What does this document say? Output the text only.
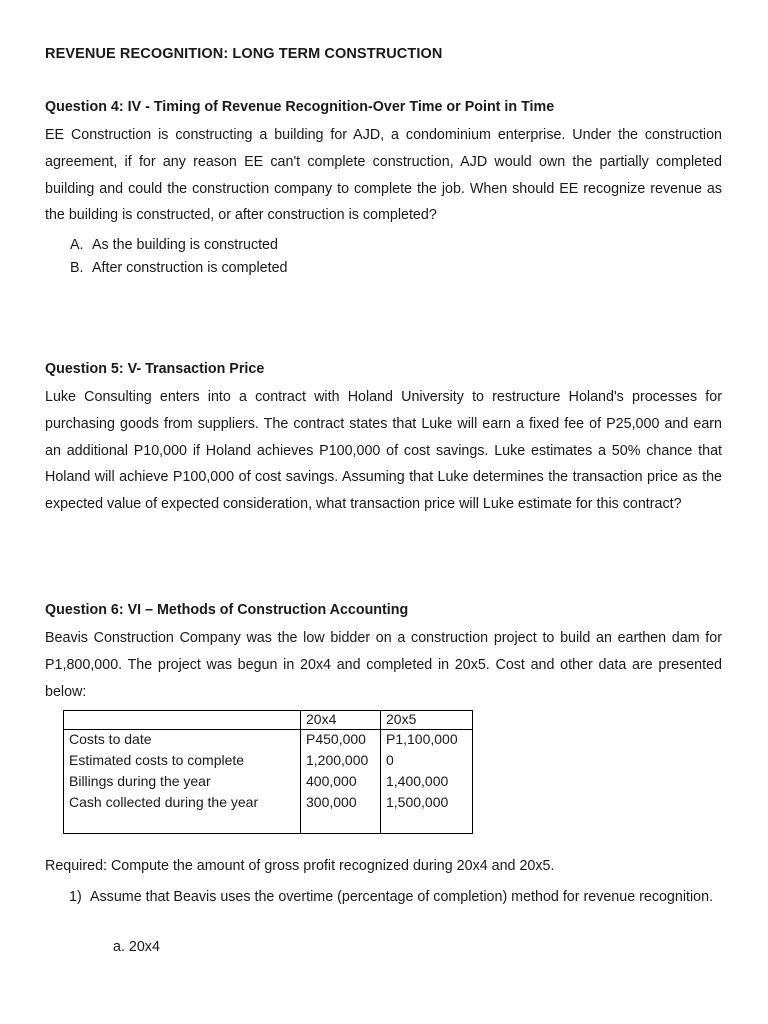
REVENUE RECOGNITION: LONG TERM CONSTRUCTION
Question 4: IV - Timing of Revenue Recognition-Over Time or Point in Time
EE Construction is constructing a building for AJD, a condominium enterprise. Under the construction agreement, if for any reason EE can't complete construction, AJD would own the partially completed building and could the construction company to complete the job. When should EE recognize revenue as the building is constructed, or after construction is completed?
A. As the building is constructed
B. After construction is completed
Question 5: V- Transaction Price
Luke Consulting enters into a contract with Holand University to restructure Holand's processes for purchasing goods from suppliers. The contract states that Luke will earn a fixed fee of P25,000 and earn an additional P10,000 if Holand achieves P100,000 of cost savings. Luke estimates a 50% chance that Holand will achieve P100,000 of cost savings. Assuming that Luke determines the transaction price as the expected value of expected consideration, what transaction price will Luke estimate for this contract?
Question 6: VI – Methods of Construction Accounting
Beavis Construction Company was the low bidder on a construction project to build an earthen dam for P1,800,000. The project was begun in 20x4 and completed in 20x5. Cost and other data are presented below:
	20x4	20x5
Costs to date	P450,000	P1,100,000
Estimated costs to complete	1,200,000	0
Billings during the year	400,000	1,400,000
Cash collected during the year	300,000	1,500,000
Required: Compute the amount of gross profit recognized during 20x4 and 20x5.
1) Assume that Beavis uses the overtime (percentage of completion) method for revenue recognition.
a. 20x4
